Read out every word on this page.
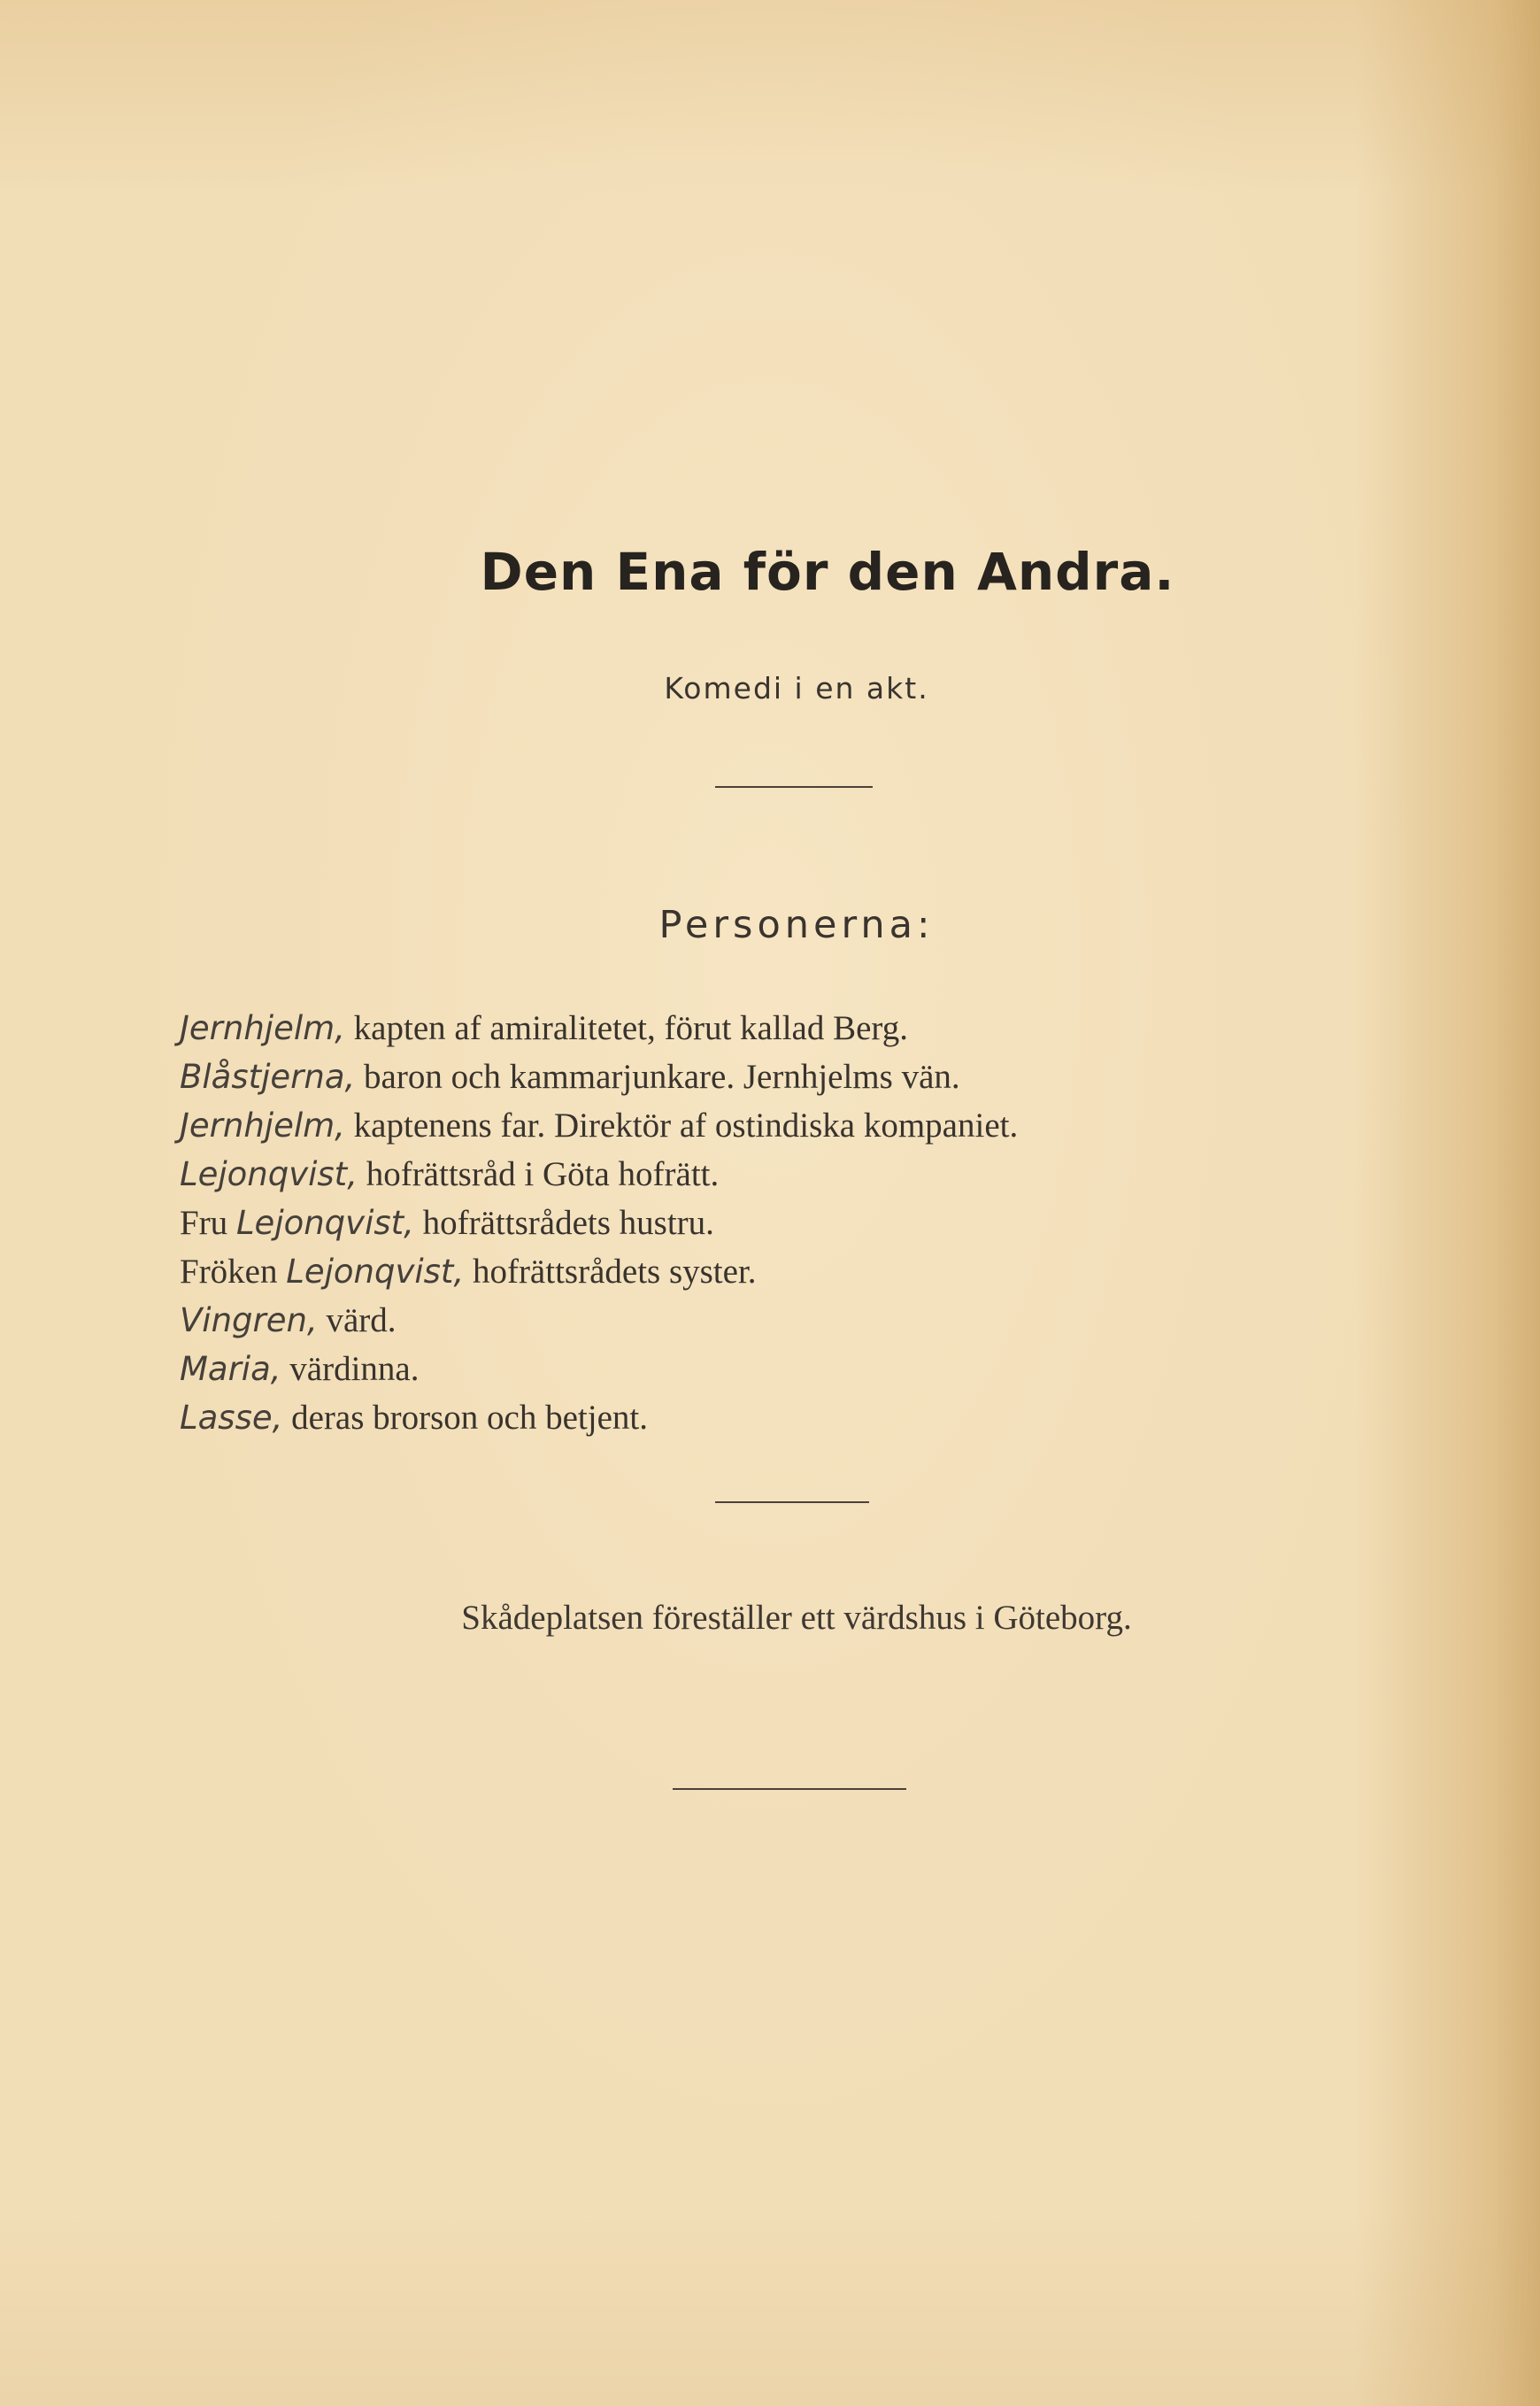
Den Ena för den Andra.
Komedi i en akt.
Personerna:
Jernhjelm, kapten af amiralitetet, förut kallad Berg.
Blåstjerna, baron och kammarjunkare. Jernhjelms vän.
Jernhjelm, kaptenens far. Direktör af ostindiska kompaniet.
Lejonqvist, hofrättsråd i Göta hofrätt.
Fru Lejonqvist, hofrättsrådets hustru.
Fröken Lejonqvist, hofrättsrådets syster.
Vingren, värd.
Maria, värdinna.
Lasse, deras brorson och betjent.
Skådeplatsen föreställer ett värdshus i Göteborg.
